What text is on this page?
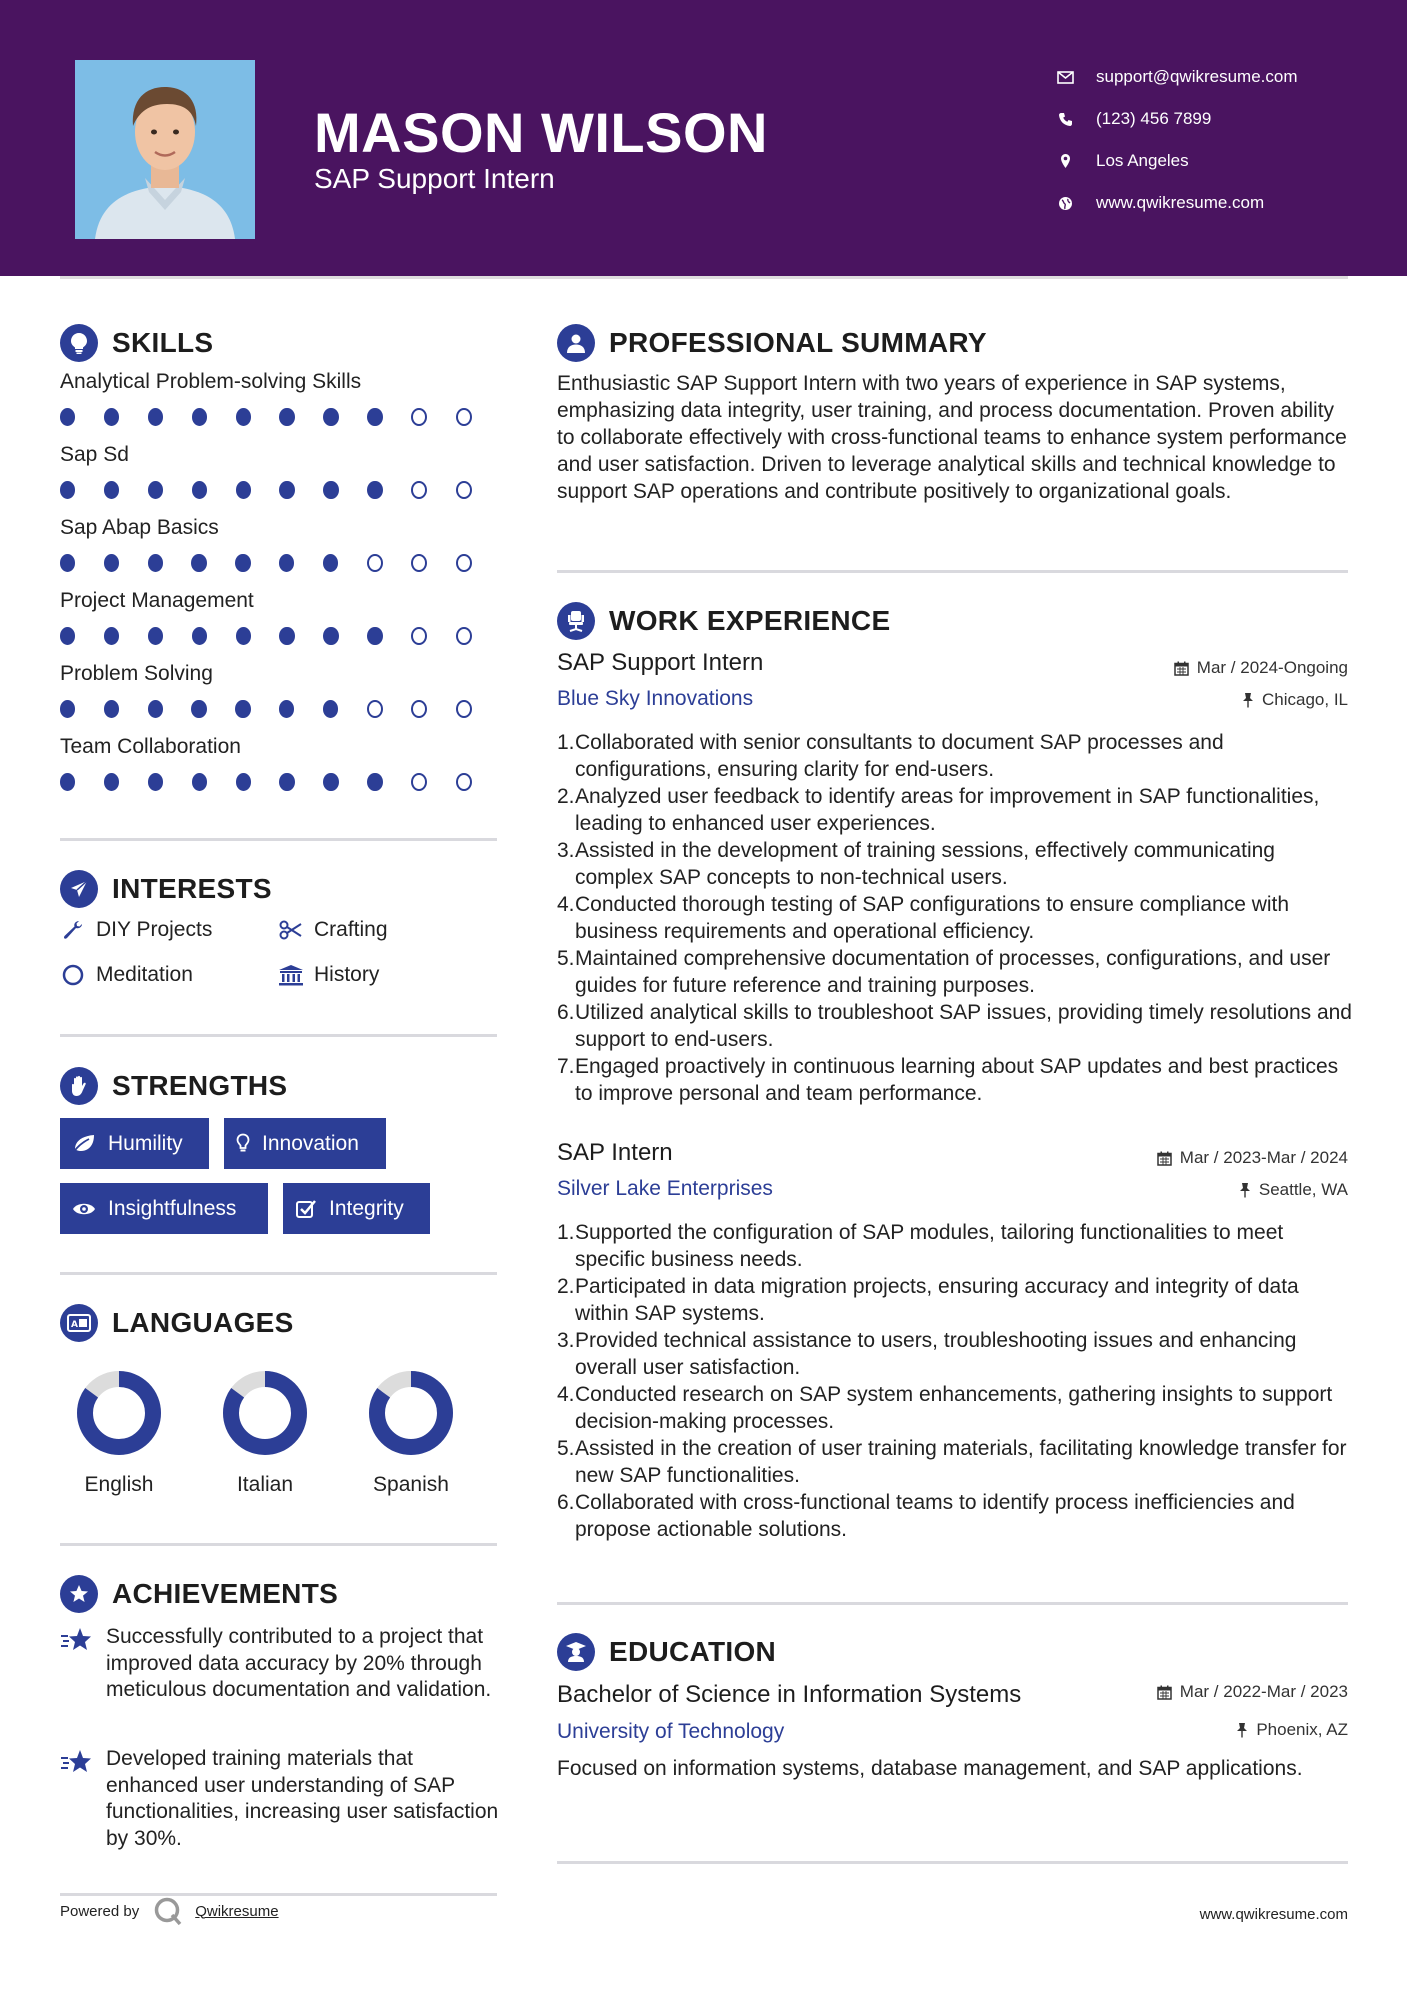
MASON WILSON
SAP Support Intern
support@qwikresume.com
(123) 456 7899
Los Angeles
www.qwikresume.com
SKILLS
Analytical Problem-solving Skills
Sap Sd
Sap Abap Basics
Project Management
Problem Solving
Team Collaboration
INTERESTS
DIY Projects	Crafting
Meditation	History
STRENGTHS
Humility	Innovation
Insightfulness	Integrity
A LANGUAGES
English	Italian	Spanish
ACHIEVEMENTS
Successfully contributed to a project that improved data accuracy by 20% through meticulous documentation and validation.
Developed training materials that enhanced user understanding of SAP functionalities, increasing user satisfaction by 30%.
PROFESSIONAL SUMMARY
Enthusiastic SAP Support Intern with two years of experience in SAP systems, emphasizing data integrity, user training, and process documentation. Proven ability to collaborate effectively with cross-functional teams to enhance system performance and user satisfaction. Driven to leverage analytical skills and technical knowledge to support SAP operations and contribute positively to organizational goals.
WORK EXPERIENCE
SAP Support Intern	Mar / 2024-Ongoing
Blue Sky Innovations	Chicago, IL
1. Collaborated with senior consultants to document SAP processes and configurations, ensuring clarity for end-users.
2. Analyzed user feedback to identify areas for improvement in SAP functionalities, leading to enhanced user experiences.
3. Assisted in the development of training sessions, effectively communicating complex SAP concepts to non-technical users.
4. Conducted thorough testing of SAP configurations to ensure compliance with business requirements and operational efficiency.
5. Maintained comprehensive documentation of processes, configurations, and user guides for future reference and training purposes.
6. Utilized analytical skills to troubleshoot SAP issues, providing timely resolutions and support to end-users.
7. Engaged proactively in continuous learning about SAP updates and best practices to improve personal and team performance.
SAP Intern	Mar / 2023-Mar / 2024
Silver Lake Enterprises	Seattle, WA
1. Supported the configuration of SAP modules, tailoring functionalities to meet specific business needs.
2. Participated in data migration projects, ensuring accuracy and integrity of data within SAP systems.
3. Provided technical assistance to users, troubleshooting issues and enhancing overall user satisfaction.
4. Conducted research on SAP system enhancements, gathering insights to support decision-making processes.
5. Assisted in the creation of user training materials, facilitating knowledge transfer for new SAP functionalities.
6. Collaborated with cross-functional teams to identify process inefficiencies and propose actionable solutions.
EDUCATION
Bachelor of Science in Information Systems	Mar / 2022-Mar / 2023
University of Technology	Phoenix, AZ
Focused on information systems, database management, and SAP applications.
Powered by	Qwikresume	www.qwikresume.com
